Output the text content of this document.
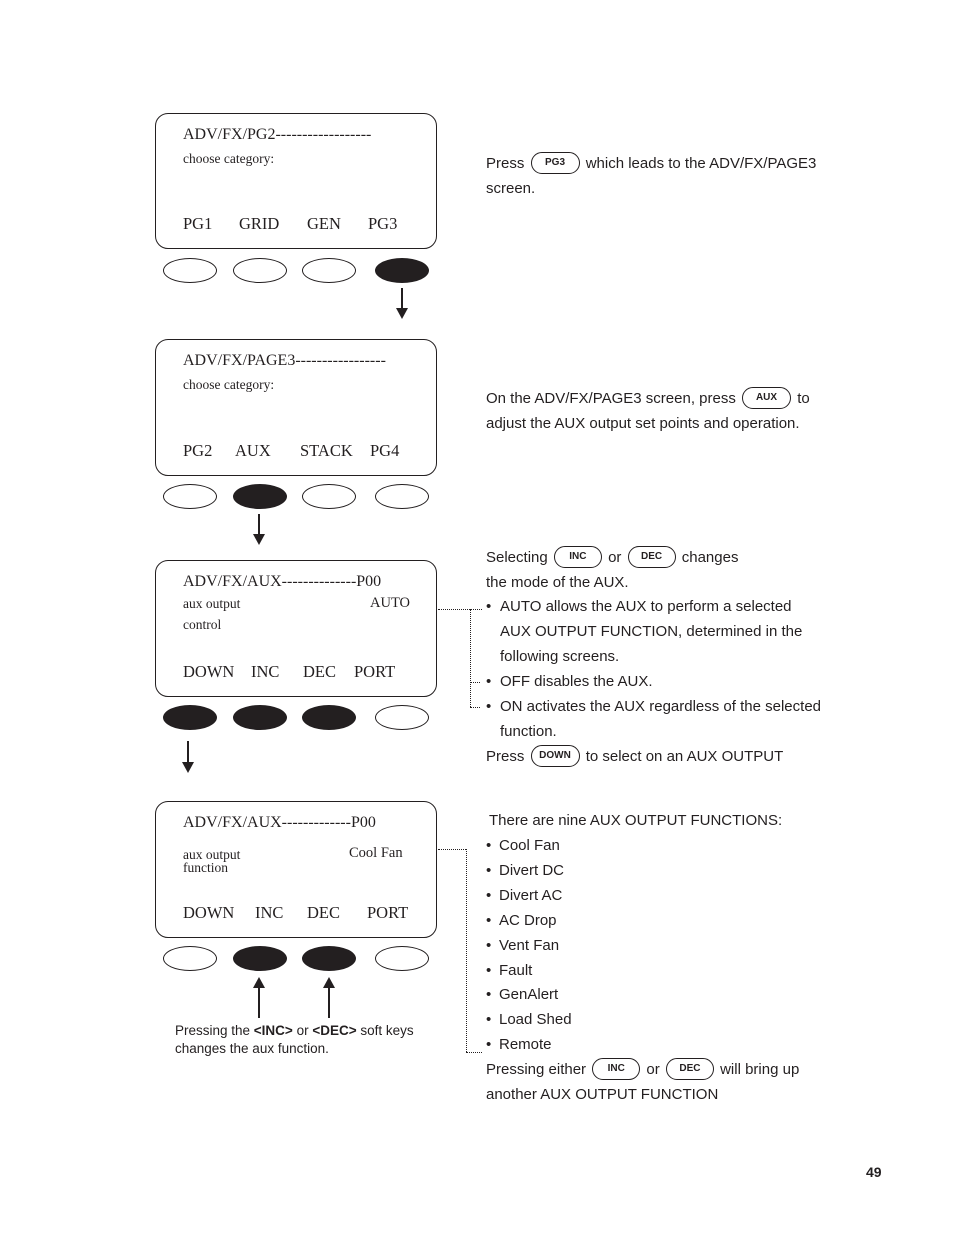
ADV/FX/PG2------------------
choose category:
PG1 GRID GEN PG3
ADV/FX/PAGE3-----------------
choose category:
PG2 AUX STACK PG4
ADV/FX/AUX--------------P00
aux output
control
AUTO
DOWN INC DEC PORT
ADV/FX/AUX-------------P00
aux output
function
Cool Fan
DOWN INC DEC PORT
Pressing the <INC> or <DEC> soft keys
changes the aux function.
Press PG3 which leads to the ADV/FX/PAGE3
screen.
On the ADV/FX/PAGE3 screen, press AUX to
adjust the AUX output set points and operation.
Selecting INC or DEC changes
the mode of the AUX.
• AUTO allows the AUX to perform a selected
AUX OUTPUT FUNCTION, determined in the
following screens.
• OFF disables the AUX.
• ON activates the AUX regardless of the selected
function.
Press DOWN to select on an AUX OUTPUT
There are nine AUX OUTPUT FUNCTIONS:
• Cool Fan
• Divert DC
• Divert AC
• AC Drop
• Vent Fan
• Fault
• GenAlert
• Load Shed
• Remote
Pressing either INC or DEC will bring up
another AUX OUTPUT FUNCTION
49
